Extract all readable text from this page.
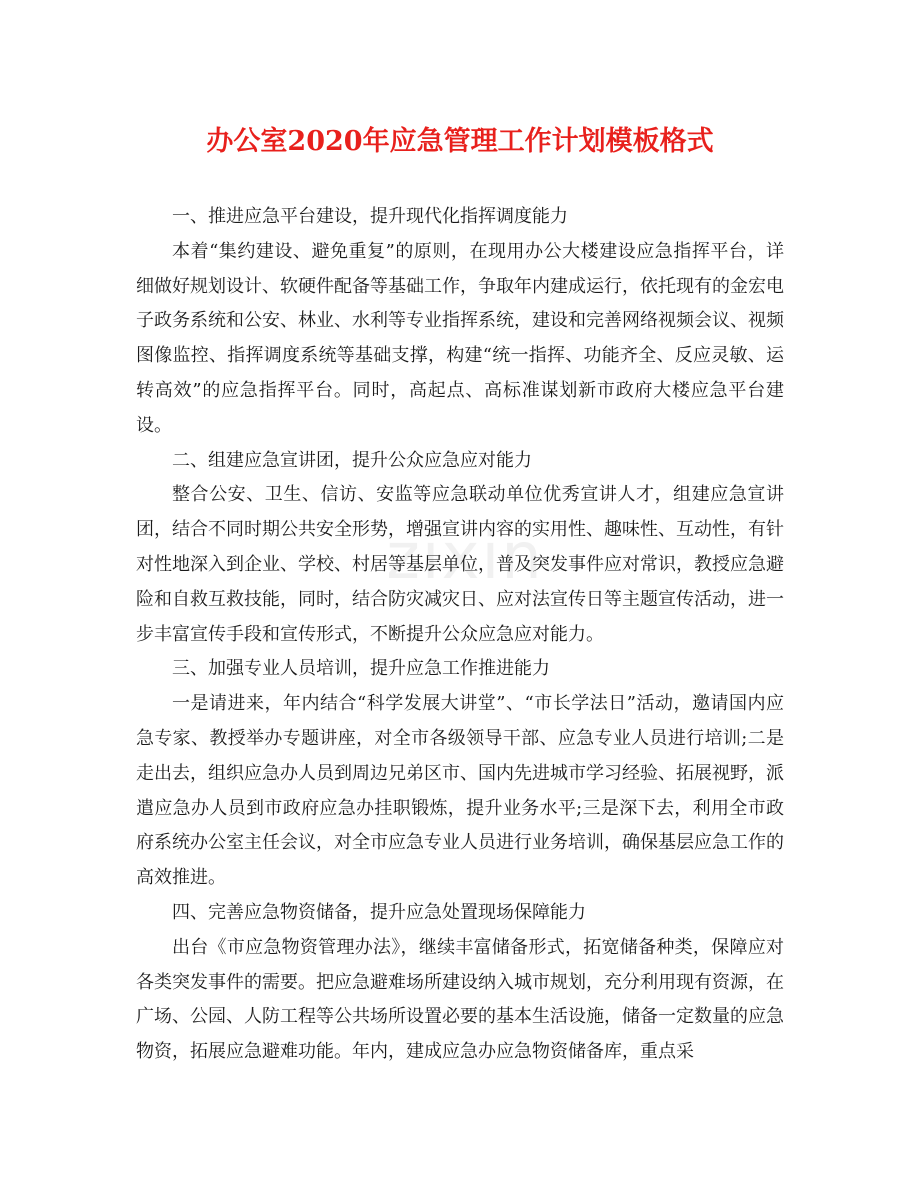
zixin
办公室2020年应急管理工作计划模板格式

一、推进应急平台建设，提升现代化指挥调度能力

本着“集约建设、避免重复”的原则，在现用办公大楼建设应急指挥平台，详细做好规划设计、软硬件配备等基础工作，争取年内建成运行，依托现有的金宏电子政务系统和公安、林业、水利等专业指挥系统，建设和完善网络视频会议、视频图像监控、指挥调度系统等基础支撑，构建“统一指挥、功能齐全、反应灵敏、运转高效”的应急指挥平台。同时，高起点、高标准谋划新市政府大楼应急平台建设。

二、组建应急宣讲团，提升公众应急应对能力

整合公安、卫生、信访、安监等应急联动单位优秀宣讲人才，组建应急宣讲团，结合不同时期公共安全形势，增强宣讲内容的实用性、趣味性、互动性，有针对性地深入到企业、学校、村居等基层单位，普及突发事件应对常识，教授应急避险和自救互救技能，同时，结合防灾减灾日、应对法宣传日等主题宣传活动，进一步丰富宣传手段和宣传形式，不断提升公众应急应对能力。

三、加强专业人员培训，提升应急工作推进能力

一是请进来，年内结合“科学发展大讲堂”、“市长学法日”活动，邀请国内应急专家、教授举办专题讲座，对全市各级领导干部、应急专业人员进行培训;二是走出去，组织应急办人员到周边兄弟区市、国内先进城市学习经验、拓展视野，派遣应急办人员到市政府应急办挂职锻炼，提升业务水平;三是深下去，利用全市政府系统办公室主任会议，对全市应急专业人员进行业务培训，确保基层应急工作的高效推进。

四、完善应急物资储备，提升应急处置现场保障能力

出台《市应急物资管理办法》，继续丰富储备形式，拓宽储备种类，保障应对各类突发事件的需要。把应急避难场所建设纳入城市规划，充分利用现有资源，在广场、公园、人防工程等公共场所设置必要的基本生活设施，储备一定数量的应急物资，拓展应急避难功能。年内，建成应急办应急物资储备库，重点采
